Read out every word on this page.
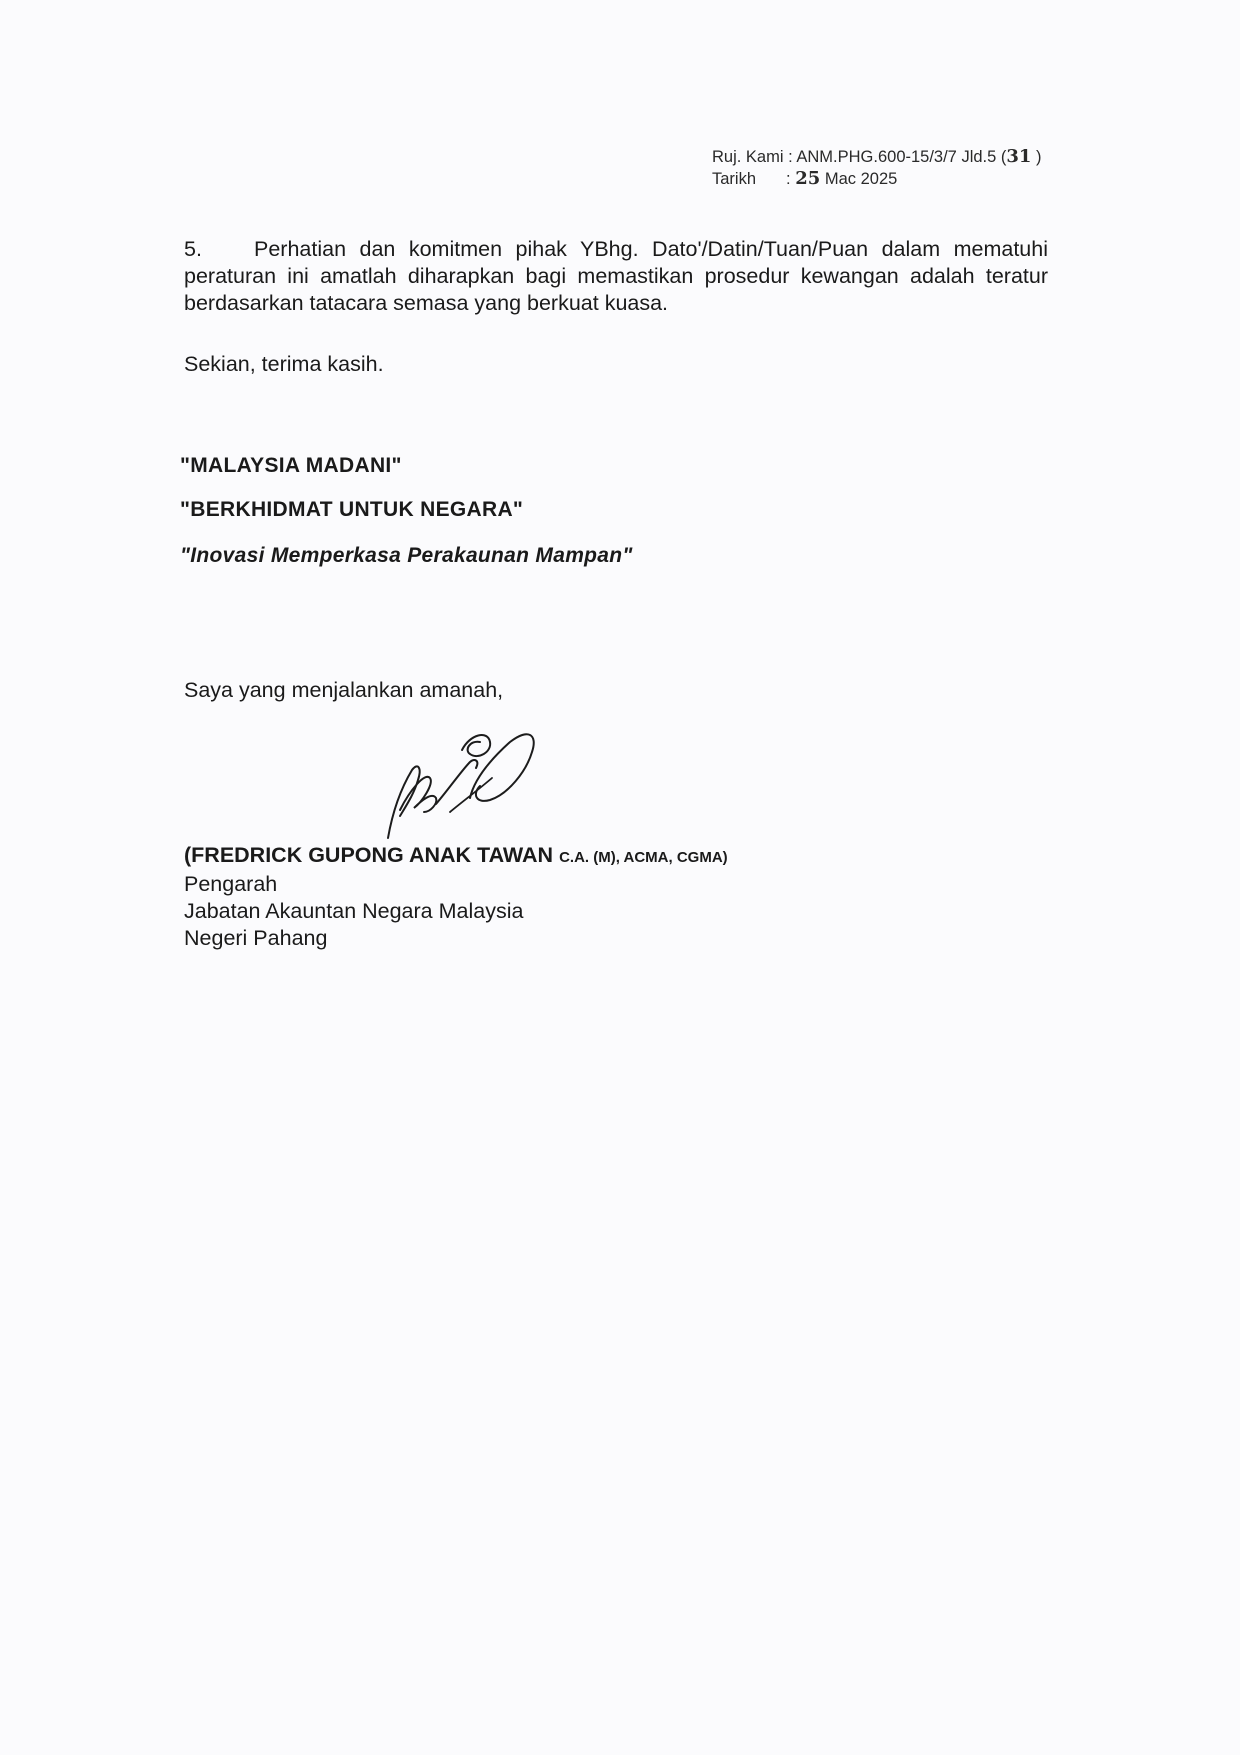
Ruj. Kami : ANM.PHG.600-15/3/7 Jld.5 (31 )
Tarikh : 25 Mac 2025
5. Perhatian dan komitmen pihak YBhg. Dato'/Datin/Tuan/Puan dalam mematuhi peraturan ini amatlah diharapkan bagi memastikan prosedur kewangan adalah teratur berdasarkan tatacara semasa yang berkuat kuasa.
Sekian, terima kasih.
"MALAYSIA MADANI"
"BERKHIDMAT UNTUK NEGARA"
"Inovasi Memperkasa Perakaunan Mampan"
Saya yang menjalankan amanah,
(FREDRICK GUPONG ANAK TAWAN C.A. (M), ACMA, CGMA)
Pengarah
Jabatan Akauntan Negara Malaysia
Negeri Pahang
